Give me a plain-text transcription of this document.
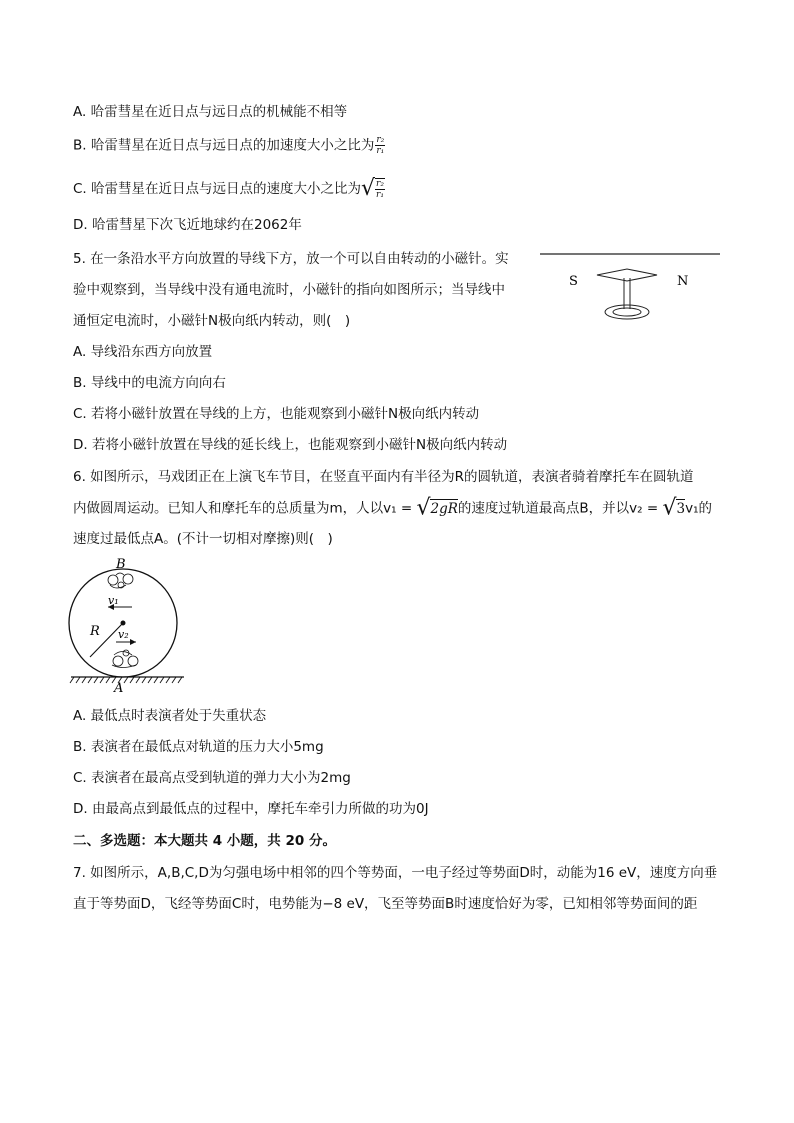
A. 哈雷彗星在近日点与远日点的机械能不相等
B. 哈雷彗星在近日点与远日点的加速度大小之比为 $\frac{\text{r₂}}{\text{r₁}}$
C. 哈雷彗星在近日点与远日点的速度大小之比为√ $\frac{\text{r₂}}{\text{r₁}}$
D. 哈雷彗星下次飞近地球约在2062年
5. 在一条沿水平方向放置的导线下方，放一个可以自由转动的小磁针。实
验中观察到，当导线中没有通电流时，小磁针的指向如图所示；当导线中
通恒定电流时，小磁针N极向纸内转动，则(　)
S	N
A. 导线沿东西方向放置
B. 导线中的电流方向向右
C. 若将小磁针放置在导线的上方，也能观察到小磁针N极向纸内转动
D. 若将小磁针放置在导线的延长线上，也能观察到小磁针N极向纸内转动
6. 如图所示，马戏团正在上演飞车节目，在竖直平面内有半径为R的圆轨道，表演者骑着摩托车在圆轨道
内做圆周运动。已知人和摩托车的总质量为m，人以v₁ = √2gR的速度过轨道最高点B，并以v₂ = √3v₁的
速度过最低点A。(不计一切相对摩擦)则(　)
B
A
R
v₁
v₂
A. 最低点时表演者处于失重状态
B. 表演者在最低点对轨道的压力大小5mg
C. 表演者在最高点受到轨道的弹力大小为2mg
D. 由最高点到最低点的过程中，摩托车牵引力所做的功为0J
二、多选题：本大题共 4 小题，共 20 分。
7. 如图所示，A,B,C,D为匀强电场中相邻的四个等势面，一电子经过等势面D时，动能为16 eV，速度方向垂
直于等势面D，飞经等势面C时，电势能为−8 eV，飞至等势面B时速度恰好为零，已知相邻等势面间的距
